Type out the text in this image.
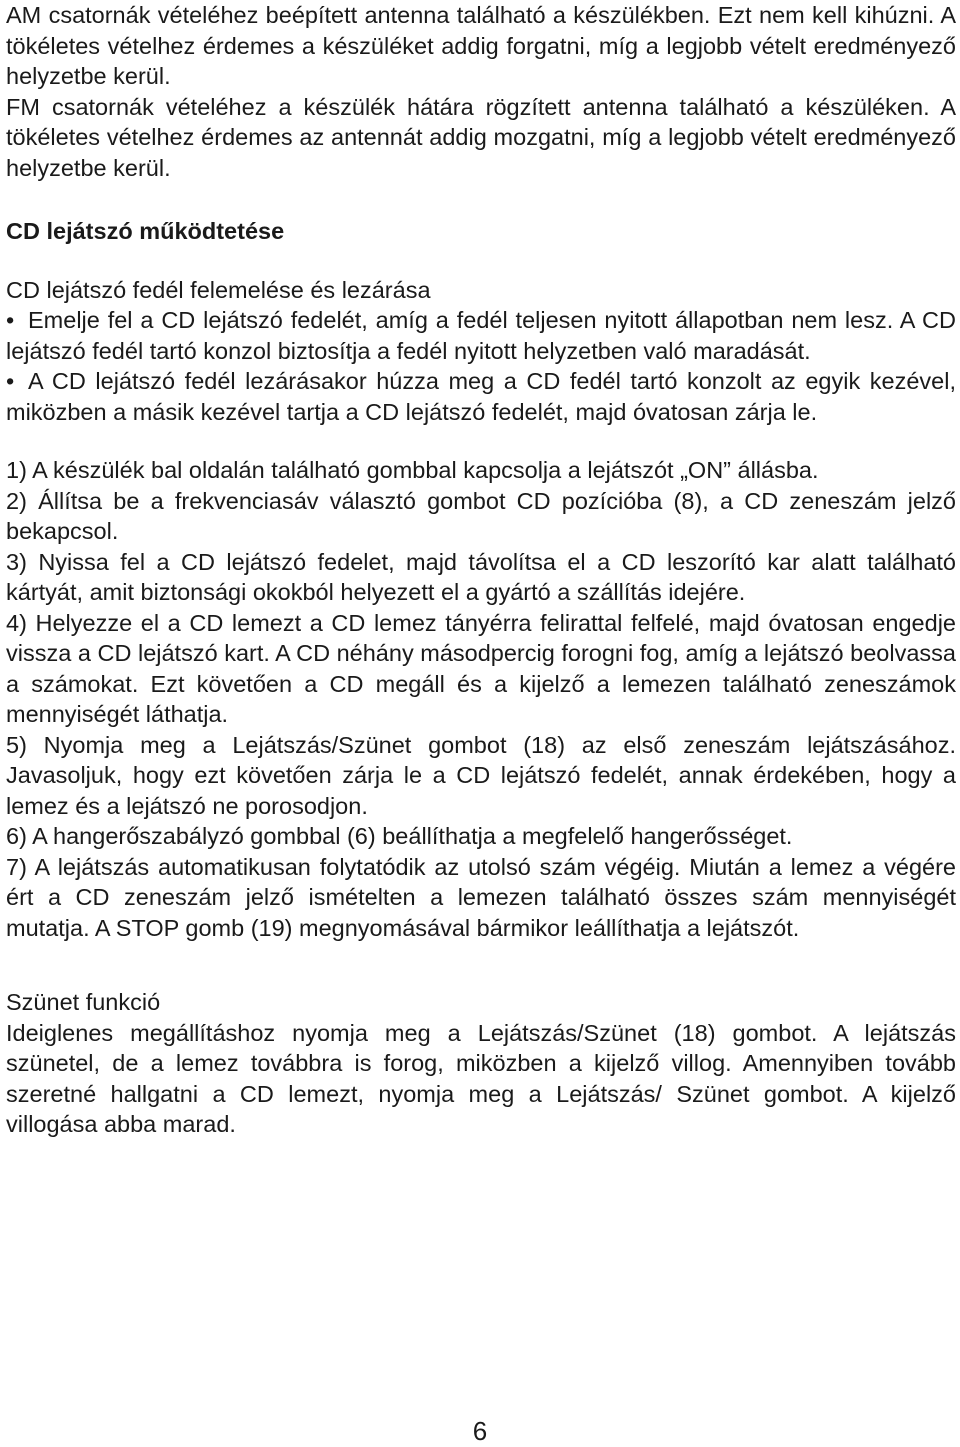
AM csatornák vételéhez beépített antenna található a készülékben. Ezt nem kell kihúzni. A tökéletes vételhez érdemes a készüléket addig forgatni, míg a legjobb vételt eredményező helyzetbe kerül.

FM csatornák vételéhez a készülék hátára rögzített antenna található a készüléken. A tökéletes vételhez érdemes az antennát addig mozgatni, míg a legjobb vételt eredményező helyzetbe kerül.

CD lejátszó működtetése

CD lejátszó fedél felemelése és lezárása

• Emelje fel a CD lejátszó fedelét, amíg a fedél teljesen nyitott állapotban nem lesz. A CD lejátszó fedél tartó konzol biztosítja a fedél nyitott helyzetben való maradását.

• A CD lejátszó fedél lezárásakor húzza meg a CD fedél tartó konzolt az egyik kezével, miközben a másik kezével tartja a CD lejátszó fedelét, majd óvatosan zárja le.

1) A készülék bal oldalán található gombbal kapcsolja a lejátszót „ON” állásba.

2) Állítsa be a frekvenciasáv választó gombot CD pozícióba (8), a CD zeneszám jelző bekapcsol.

3) Nyissa fel a CD lejátszó fedelet, majd távolítsa el a CD leszorító kar alatt található kártyát, amit biztonsági okokból helyezett el a gyártó a szállítás idejére.

4) Helyezze el a CD lemezt a CD lemez tányérra felirattal felfelé, majd óvatosan engedje vissza a CD lejátszó kart. A CD néhány másodpercig forogni fog, amíg a lejátszó beolvassa a számokat. Ezt követően a CD megáll és a kijelző a lemezen található zeneszámok mennyiségét láthatja.

5) Nyomja meg a Lejátszás/Szünet gombot (18) az első zeneszám lejátszásához. Javasoljuk, hogy ezt követően zárja le a CD lejátszó fedelét, annak érdekében, hogy a lemez és a lejátszó ne porosodjon.

6) A hangerőszabályzó gombbal (6) beállíthatja a megfelelő hangerősséget.

7) A lejátszás automatikusan folytatódik az utolsó szám végéig. Miután a lemez a végére ért a CD zeneszám jelző ismételten a lemezen található összes szám mennyiségét mutatja. A STOP gomb (19) megnyomásával bármikor leállíthatja a lejátszót.

Szünet funkció

Ideiglenes megállításhoz nyomja meg a Lejátszás/Szünet (18) gombot. A lejátszás szünetel, de a lemez továbbra is forog, miközben a kijelző villog. Amennyiben tovább szeretné hallgatni a CD lemezt, nyomja meg a Lejátszás/ Szünet gombot. A kijelző villogása abba marad.

6
